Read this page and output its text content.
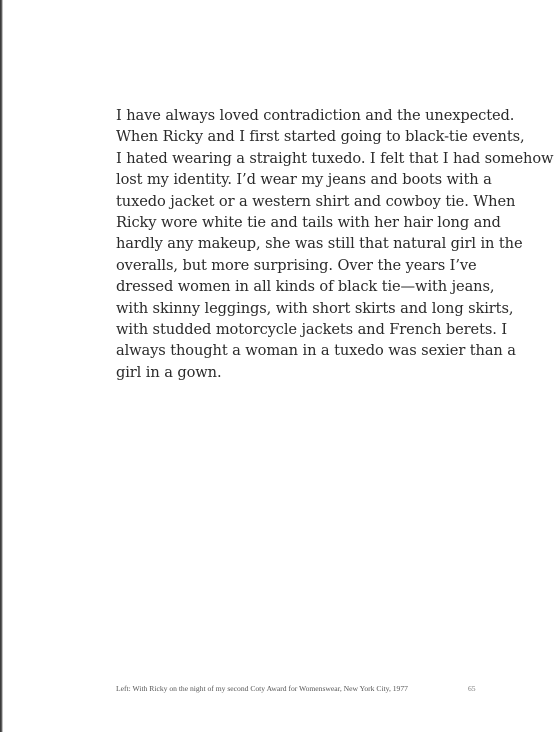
I have always loved contradiction and the unexpected.
When Ricky and I first started going to black-tie events,
I hated wearing a straight tuxedo. I felt that I had somehow
lost my identity. I’d wear my jeans and boots with a
tuxedo jacket or a western shirt and cowboy tie. When
Ricky wore white tie and tails with her hair long and
hardly any makeup, she was still that natural girl in the
overalls, but more surprising. Over the years I’ve
dressed women in all kinds of black tie—with jeans,
with skinny leggings, with short skirts and long skirts,
with studded motorcycle jackets and French berets. I
always thought a woman in a tuxedo was sexier than a
girl in a gown.

Left: With Ricky on the night of my second Coty Award for Womenswear, New York City, 1977	65
